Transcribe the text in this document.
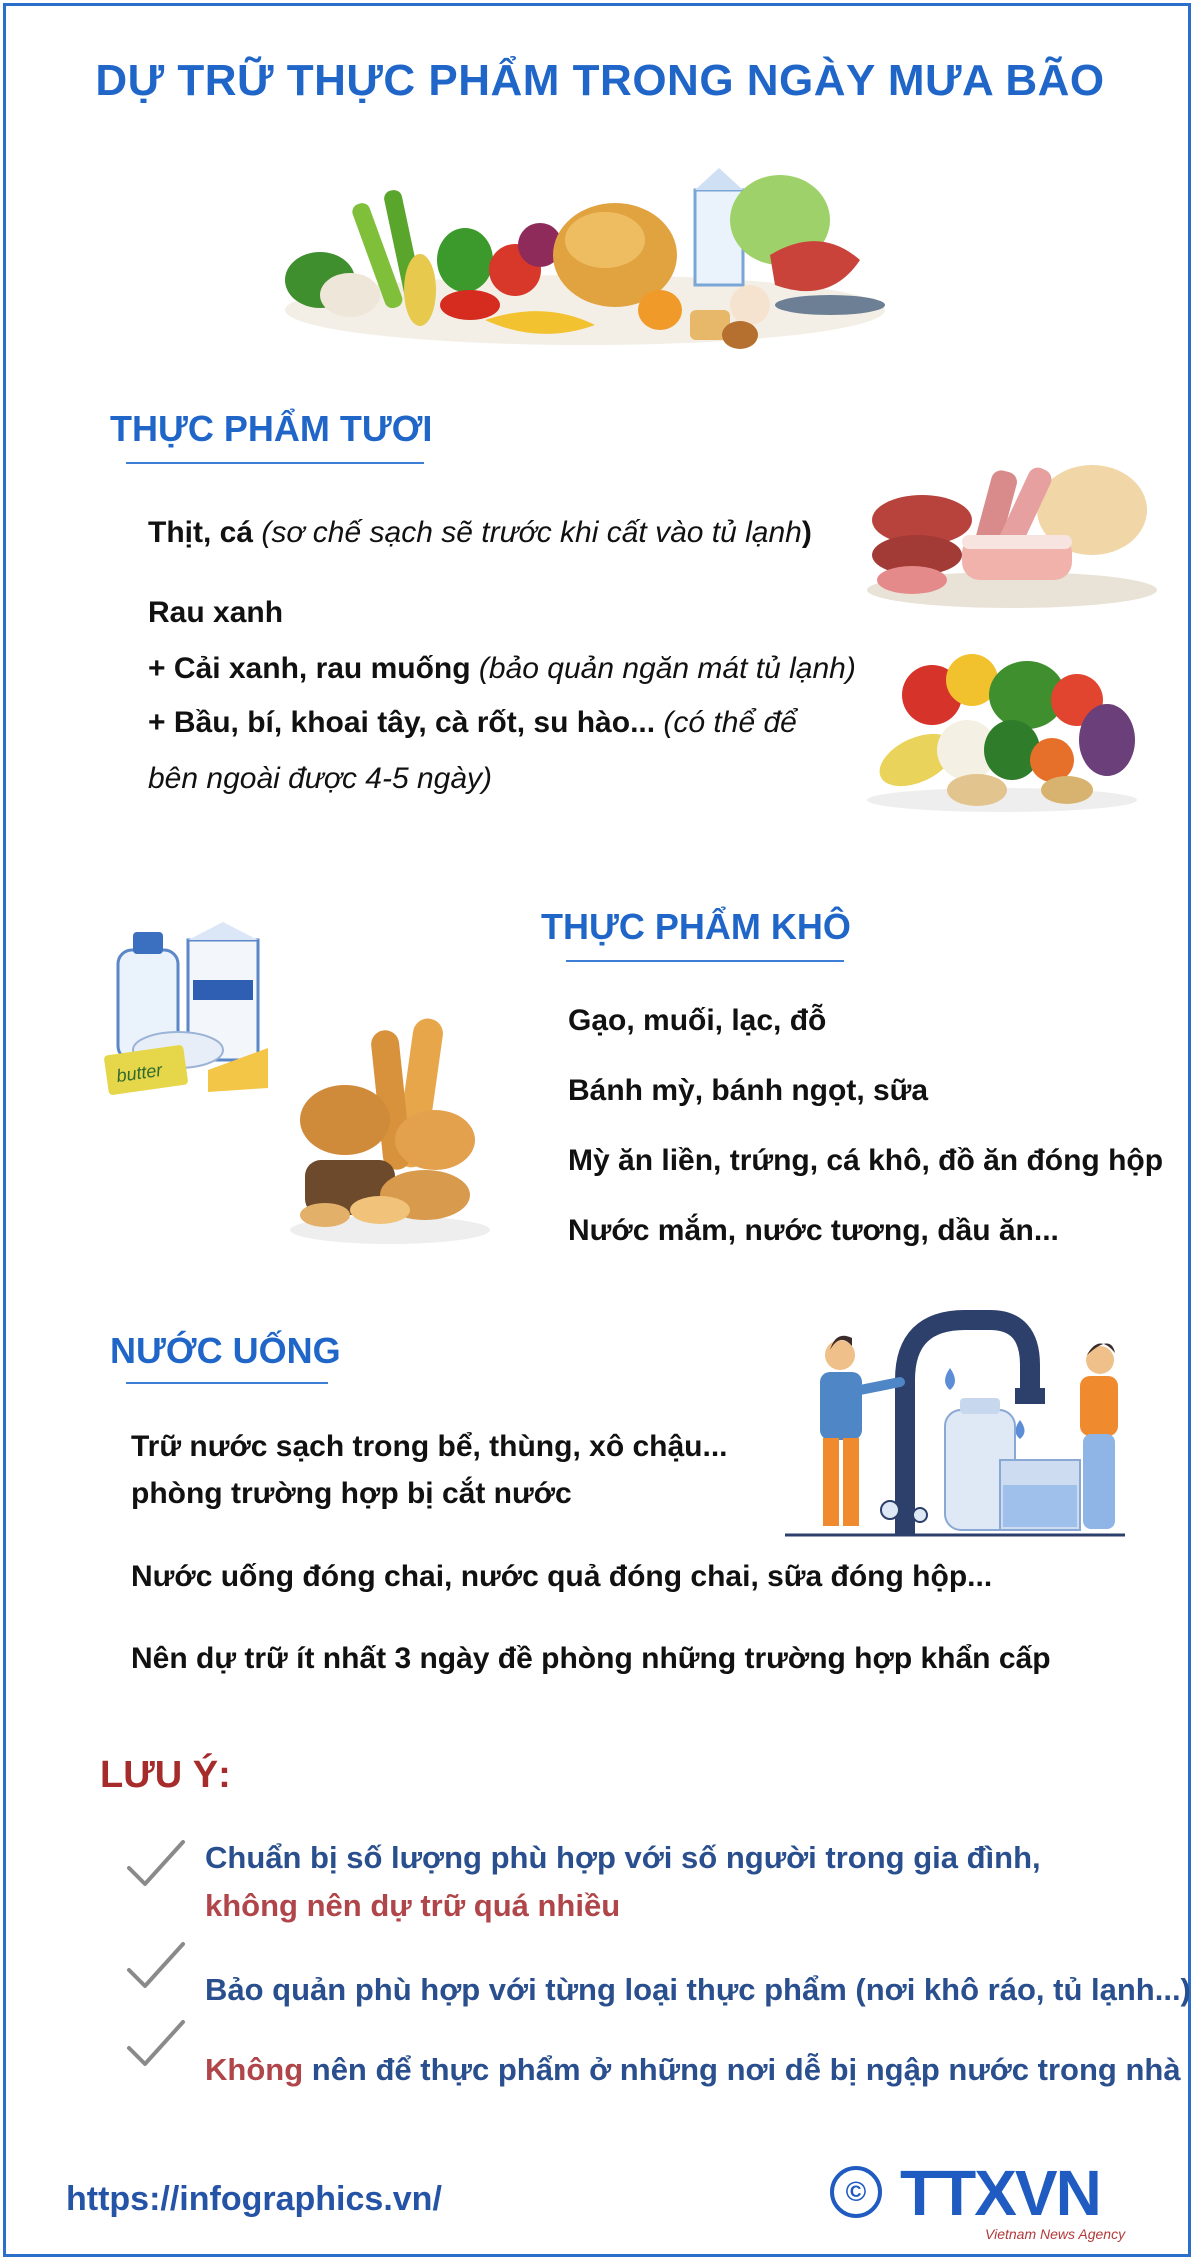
DỰ TRỮ THỰC PHẨM TRONG NGÀY MƯA BÃO
THỰC PHẨM TƯƠI
Thịt, cá (sơ chế sạch sẽ trước khi cất vào tủ lạnh)
Rau xanh
+ Cải xanh, rau muống (bảo quản ngăn mát tủ lạnh)
+ Bầu, bí, khoai tây, cà rốt, su hào... (có thể để
bên ngoài được 4-5 ngày)
THỰC PHẨM KHÔ
Gạo, muối, lạc, đỗ
Bánh mỳ, bánh ngọt, sữa
Mỳ ăn liền, trứng, cá khô, đồ ăn đóng hộp
Nước mắm, nước tương, dầu ăn...
butter
NƯỚC UỐNG
Trữ nước sạch trong bể, thùng, xô chậu...
phòng trường hợp bị cắt nước
Nước uống đóng chai, nước quả đóng chai, sữa đóng hộp...
Nên dự trữ ít nhất 3 ngày đề phòng những trường hợp khẩn cấp
LƯU Ý:
Chuẩn bị số lượng phù hợp với số người trong gia đình,
không nên dự trữ quá nhiều
Bảo quản phù hợp với từng loại thực phẩm (nơi khô ráo, tủ lạnh...)
Không nên để thực phẩm ở những nơi dễ bị ngập nước trong nhà
https://infographics.vn/	© TTXVN
Vietnam News Agency
